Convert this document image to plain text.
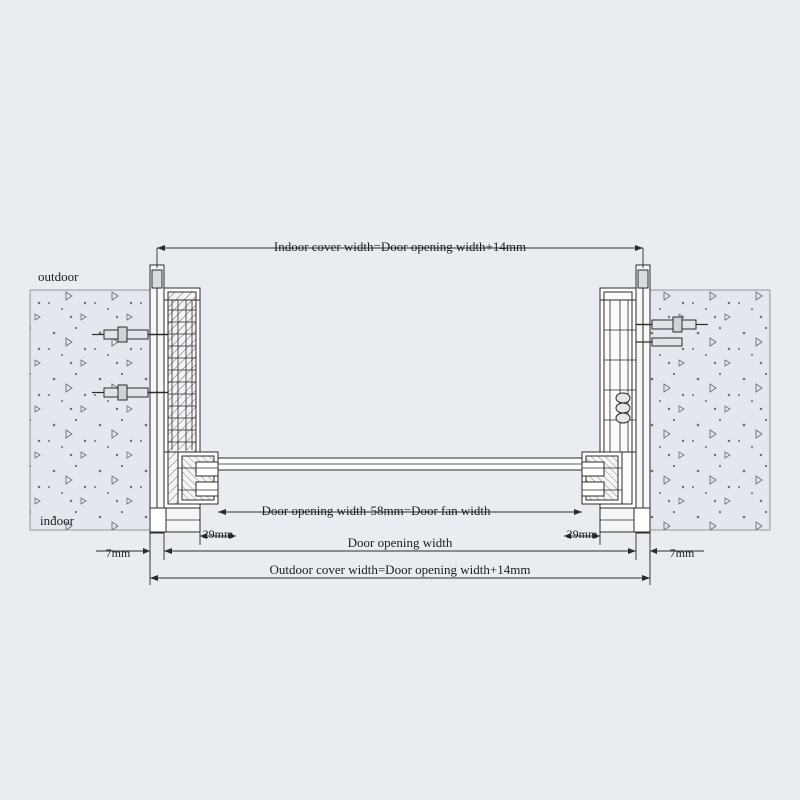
Indoor cover width=Door opening width+14mm
outdoor
indoor
Door opening width-58mm=Door fan width
29mm	29mm
Door opening width
7mm	7mm
Outdoor cover width=Door opening width+14mm
